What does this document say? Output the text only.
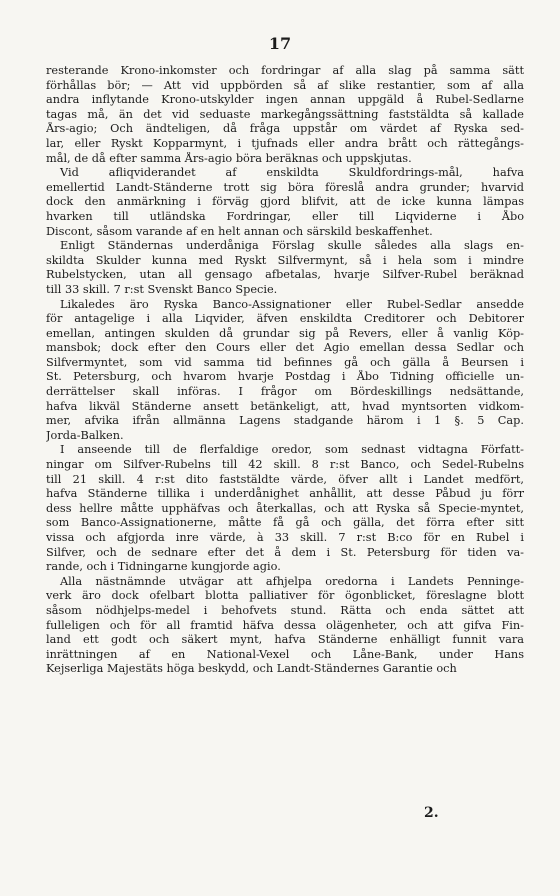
17
resterande Krono-inkomster och fordringar af alla slag på samma sätt
förhållas bör; — Att vid uppbörden så af slike restantier, som af alla
andra inflytande Krono-utskylder ingen annan uppgäld å Rubel-Sedlarne
tagas må, än det vid seduaste markegångssättning faststäldta så kallade
Års-agio; Och ändteligen, då fråga uppstår om värdet af Ryska sed-
lar, eller Ryskt Kopparmynt, i tjufnads eller andra brått och rättegångs-
mål, de då efter samma Års-agio böra beräknas och uppskjutas.
Vid afliqviderandet af enskildta Skuldfordrings-mål, hafva
emellertid Landt-Ständerne trott sig böra föreslå andra grunder; hvarvid
dock den anmärkning i förväg gjord blifvit, att de icke kunna lämpas
hvarken till utländska Fordringar, eller till Liqviderne i Åbo
Discont, såsom varande af en helt annan och särskild beskaffenhet.
Enligt Ständernas underdåniga Förslag skulle således alla slags en-
skildta Skulder kunna med Ryskt Silfvermynt, så i hela som i mindre
Rubelstycken, utan all gensago afbetalas, hvarje Silfver-Rubel beräknad
till 33 skill. 7 r:st Svenskt Banco Specie.
Likaledes äro Ryska Banco-Assignationer eller Rubel-Sedlar ansedde
för antagelige i alla Liqvider, äfven enskildta Creditorer och Debitorer
emellan, antingen skulden då grundar sig på Revers, eller å vanlig Köp-
mansbok; dock efter den Cours eller det Agio emellan dessa Sedlar och
Silfvermyntet, som vid samma tid befinnes gå och gälla å Beursen i
St. Petersburg, och hvarom hvarje Postdag i Åbo Tidning officielle un-
derrättelser skall införas. I frågor om Bördeskillings nedsättande,
hafva likväl Ständerne ansett betänkeligt, att, hvad myntsorten vidkom-
mer, afvika ifrån allmänna Lagens stadgande härom i 1 §. 5 Cap.
Jorda-Balken.
I anseende till de flerfaldige oredor, som sednast vidtagna Författ-
ningar om Silfver-Rubelns till 42 skill. 8 r:st Banco, och Sedel-Rubelns
till 21 skill. 4 r:st dito faststäldte värde, öfver allt i Landet medfört,
hafva Ständerne tillika i underdånighet anhållit, att desse Påbud ju förr
dess hellre måtte upphäfvas och återkallas, och att Ryska så Specie-myntet,
som Banco-Assignationerne, måtte få gå och gälla, det förra efter sitt
vissa och afgjorda inre värde, à 33 skill. 7 r:st B:co för en Rubel i
Silfver, och de sednare efter det å dem i St. Petersburg för tiden va-
rande, och i Tidningarne kungjorde agio.
Alla nästnämnde utvägar att afhjelpa oredorna i Landets Penninge-
verk äro dock ofelbart blotta palliativer för ögonblicket, föreslagne blott
såsom nödhjelps-medel i behofvets stund. Rätta och enda sättet att
fulleligen och för all framtid häfva dessa olägenheter, och att gifva Fin-
land ett godt och säkert mynt, hafva Ständerne enhälligt funnit vara
inrättningen af en National-Vexel och Låne-Bank, under Hans
Kejserliga Majestäts höga beskydd, och Landt-Ständernes Garantie och
2.
